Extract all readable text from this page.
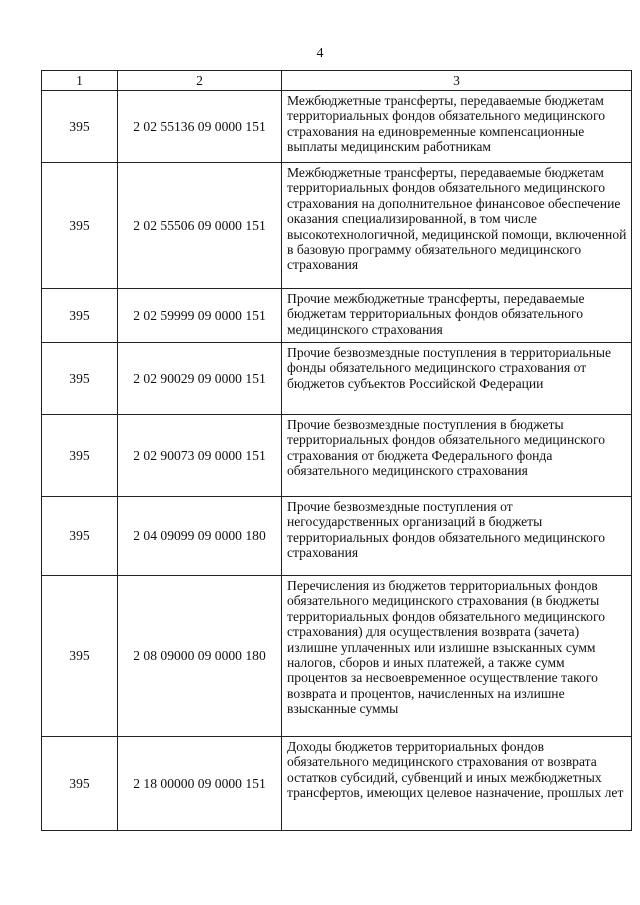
4
1	2	3
395	2 02 55136 09 0000 151	Межбюджетные трансферты, передаваемые бюджетам территориальных фондов обязательного медицинского страхования на единовременные компенсационные выплаты медицинским работникам
395	2 02 55506 09 0000 151	Межбюджетные трансферты, передаваемые бюджетам территориальных фондов обязательного медицинского страхования на дополнительное финансовое обеспечение оказания специализированной, в том числе высокотехнологичной, медицинской помощи, включенной в базовую программу обязательного медицинского страхования
395	2 02 59999 09 0000 151	Прочие межбюджетные трансферты, передаваемые бюджетам территориальных фондов обязательного медицинского страхования
395	2 02 90029 09 0000 151	Прочие безвозмездные поступления в территориальные фонды обязательного медицинского страхования от бюджетов субъектов Российской Федерации
395	2 02 90073 09 0000 151	Прочие безвозмездные поступления в бюджеты территориальных фондов обязательного медицинского страхования от бюджета Федерального фонда обязательного медицинского страхования
395	2 04 09099 09 0000 180	Прочие безвозмездные поступления от негосударственных организаций в бюджеты территориальных фондов обязательного медицинского страхования
395	2 08 09000 09 0000 180	Перечисления из бюджетов территориальных фондов обязательного медицинского страхования (в бюджеты территориальных фондов обязательного медицинского страхования) для осуществления возврата (зачета) излишне уплаченных или излишне взысканных сумм налогов, сборов и иных платежей, а также сумм процентов за несвоевременное осуществление такого возврата и процентов, начисленных на излишне взысканные суммы
395	2 18 00000 09 0000 151	Доходы бюджетов территориальных фондов обязательного медицинского страхования от возврата остатков субсидий, субвенций и иных межбюджетных трансфертов, имеющих целевое назначение, прошлых лет
